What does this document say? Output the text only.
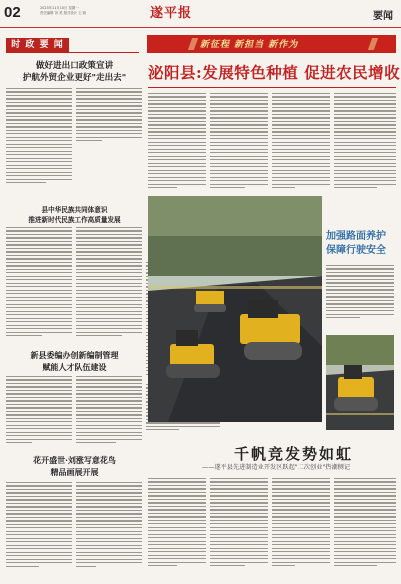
02	2023年11月10日 星期一
责任编辑 刘 美 版式设计 王 晓	遂平报	要闻
时 政 要 闻
做好进出口政策宣讲
护航外贸企业更好"走出去"
县中华民族共同体意识
推进新时代民族工作高质量发展
新县委编办创新编制管理
赋能人才队伍建设
花开盛世·刘涨写意花鸟
精品画展开展
新征程 新担当 新作为
泌阳县:发展特色种植 促进农民增收
加强路面养护
保障行驶安全
千帆竞发势如虹
——遂平县先进制造业开发区跃起"二次创业"热潮侧记
